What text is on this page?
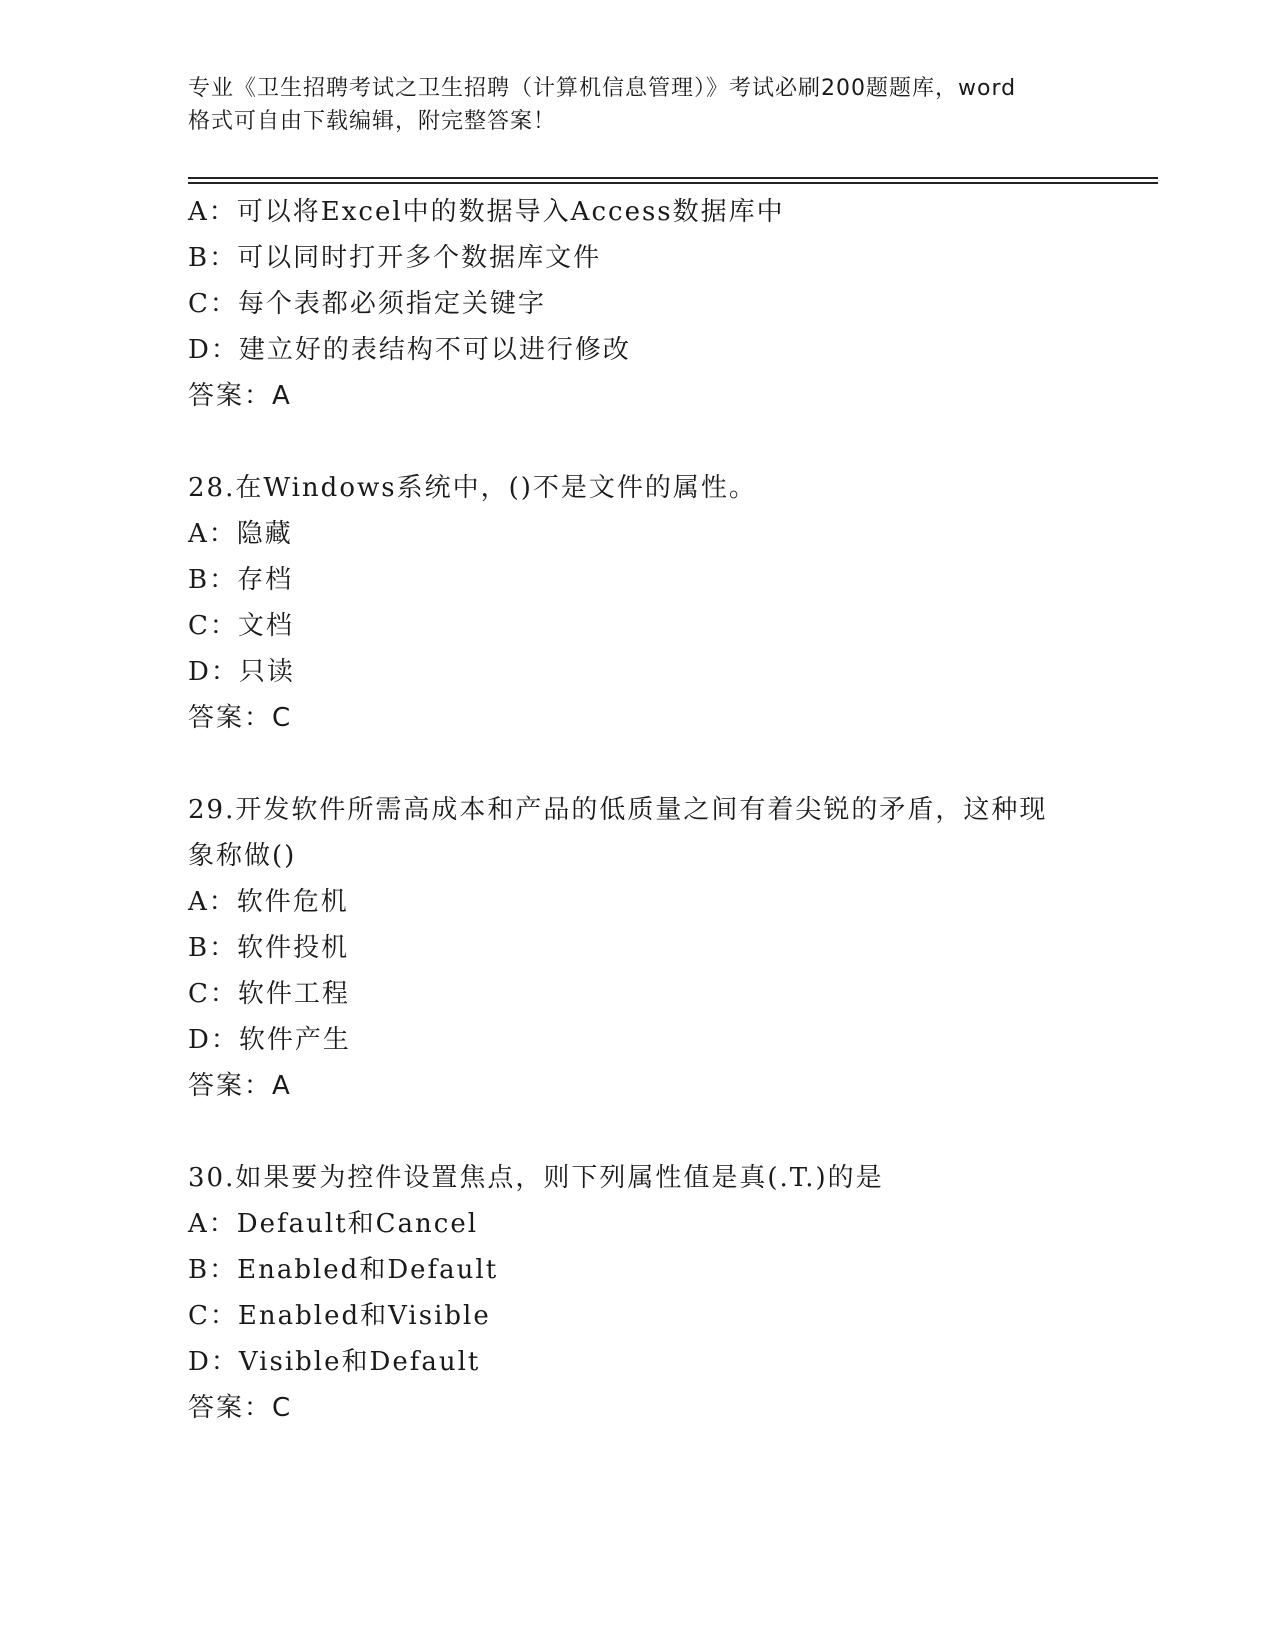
专业《卫生招聘考试之卫生招聘（计算机信息管理）》考试必刷200题题库，word
格式可自由下载编辑，附完整答案！
A：可以将Excel中的数据导入Access数据库中
B：可以同时打开多个数据库文件
C：每个表都必须指定关键字
D：建立好的表结构不可以进行修改
答案：A
28.在Windows系统中，()不是文件的属性。
A：隐藏
B：存档
C：文档
D：只读
答案：C
29.开发软件所需高成本和产品的低质量之间有着尖锐的矛盾，这种现
象称做()
A：软件危机
B：软件投机
C：软件工程
D：软件产生
答案：A
30.如果要为控件设置焦点，则下列属性值是真(.T.)的是
A：Default和Cancel
B：Enabled和Default
C：Enabled和Visible
D：Visible和Default
答案：C
